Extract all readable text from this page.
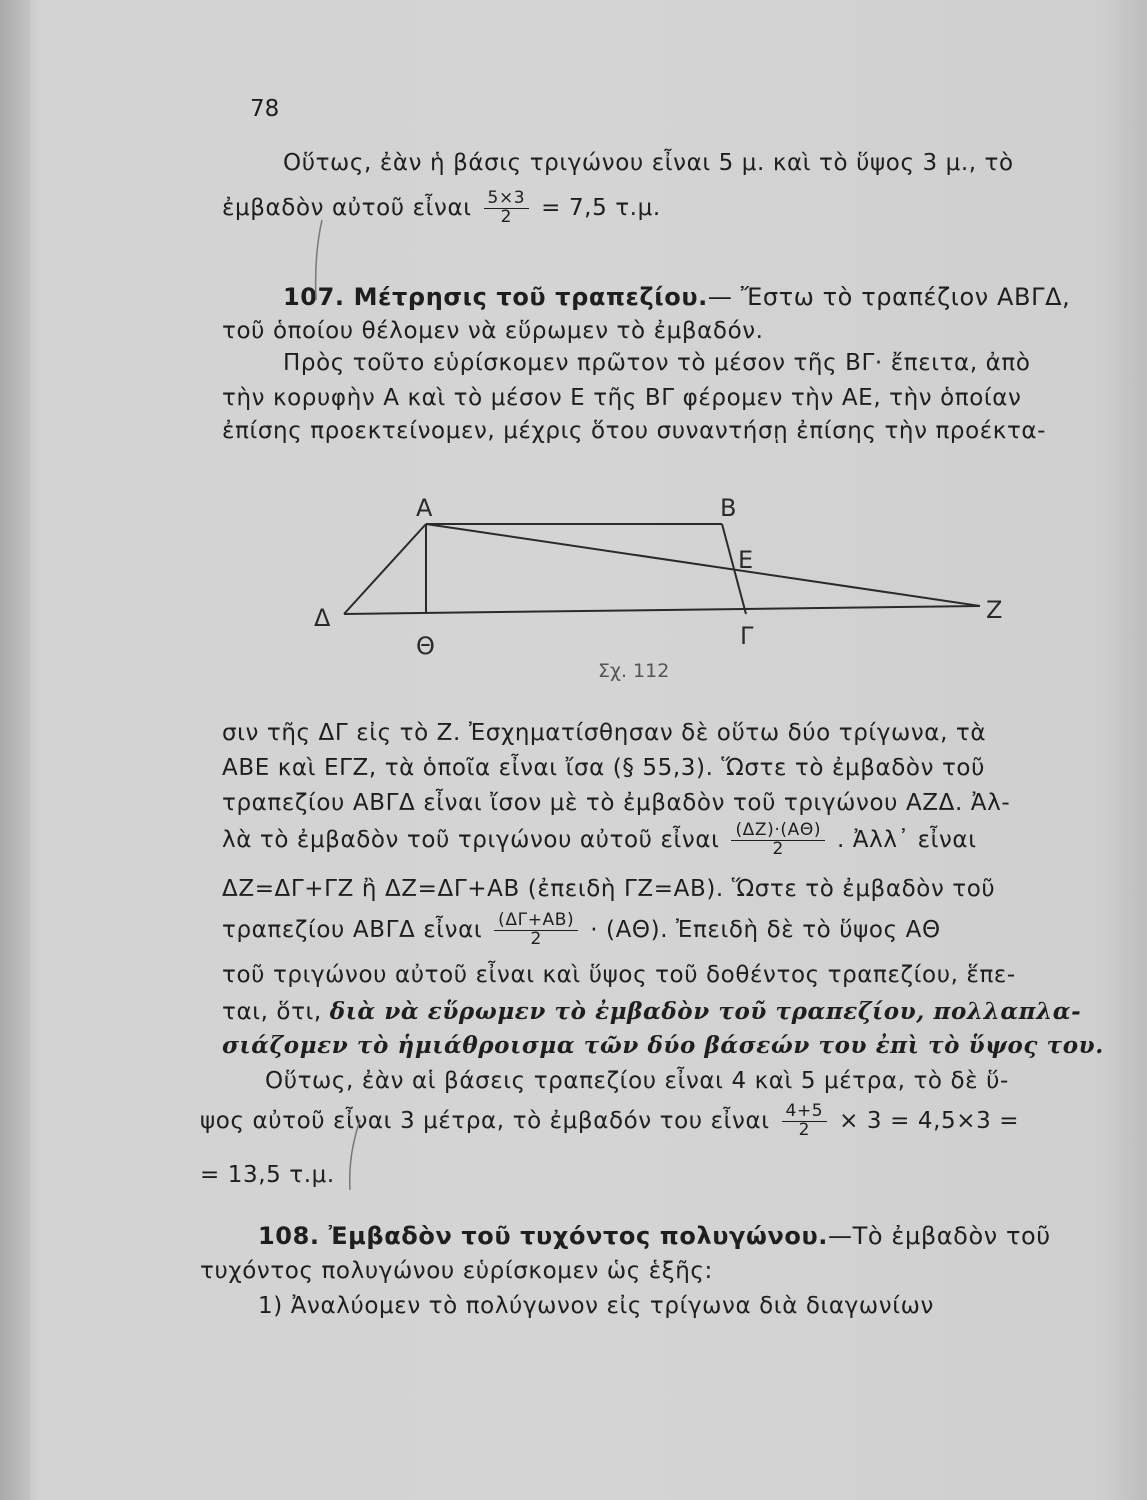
78
Οὕτως, ἐὰν ἡ βάσις τριγώνου εἶναι 5 μ. καὶ τὸ ὕψος 3 μ., τὸ
ἐμβαδὸν αὐτοῦ εἶναι $\frac{5\times 3}{2} = 7,5$ τ.μ.
107. Μέτρησις τοῦ τραπεζίου.— Ἔστω τὸ τραπέζιον ΑΒΓΔ,
τοῦ ὁποίου θέλομεν νὰ εὕρωμεν τὸ ἐμβαδόν.
Πρὸς τοῦτο εὑρίσκομεν πρῶτον τὸ μέσον τῆς ΒΓ· ἔπειτα, ἀπὸ
τὴν κορυφὴν Α καὶ τὸ μέσον Ε τῆς ΒΓ φέρομεν τὴν ΑΕ, τὴν ὁποίαν
ἐπίσης προεκτείνομεν, μέχρις ὅτου συναντήσῃ ἐπίσης τὴν προέκτα-
Α	Β
Ε
Δ
Θ	Γ
Ζ
Σχ. 112
σιν τῆς ΔΓ εἰς τὸ Ζ. Ἐσχηματίσθησαν δὲ οὕτω δύο τρίγωνα, τὰ
ΑΒΕ καὶ ΕΓΖ, τὰ ὁποῖα εἶναι ἴσα (§ 55,3). Ὥστε τὸ ἐμβαδὸν τοῦ
τραπεζίου ΑΒΓΔ εἶναι ἴσον μὲ τὸ ἐμβαδὸν τοῦ τριγώνου ΑΖΔ. Ἀλ-
λὰ τὸ ἐμβαδὸν τοῦ τριγώνου αὐτοῦ εἶναι $\frac{(\Delta Z)\cdot(A\Theta)}{2}$ . Ἀλλ᾽ εἶναι
ΔΖ=ΔΓ+ΓΖ ἢ ΔΖ=ΔΓ+ΑΒ (ἐπειδὴ ΓΖ=ΑΒ). Ὥστε τὸ ἐμβαδὸν τοῦ
τραπεζίου ΑΒΓΔ εἶναι $\frac{(\Delta\Gamma+AB)}{2} \cdot (A\Theta)$. Ἐπειδὴ δὲ τὸ ὕψος ΑΘ
τοῦ τριγώνου αὐτοῦ εἶναι καὶ ὕψος τοῦ δοθέντος τραπεζίου, ἕπε-
ται, ὅτι, διὰ νὰ εὕρωμεν τὸ ἐμβαδὸν τοῦ τραπεζίου, πολλαπλα-
σιάζομεν τὸ ἡμιάθροισμα τῶν δύο βάσεών του ἐπὶ τὸ ὕψος του.
Οὕτως, ἐὰν αἱ βάσεις τραπεζίου εἶναι 4 καὶ 5 μέτρα, τὸ δὲ ὕ-
ψος αὐτοῦ εἶναι 3 μέτρα, τὸ ἐμβαδόν του εἶναι $\frac{4+5}{2} \times 3 = 4,5\times 3$ =
= 13,5 τ.μ.
108. Ἐμβαδὸν τοῦ τυχόντος πολυγώνου.—Τὸ ἐμβαδὸν τοῦ
τυχόντος πολυγώνου εὑρίσκομεν ὡς ἑξῆς:
1) Ἀναλύομεν τὸ πολύγωνον εἰς τρίγωνα διὰ διαγωνίων
